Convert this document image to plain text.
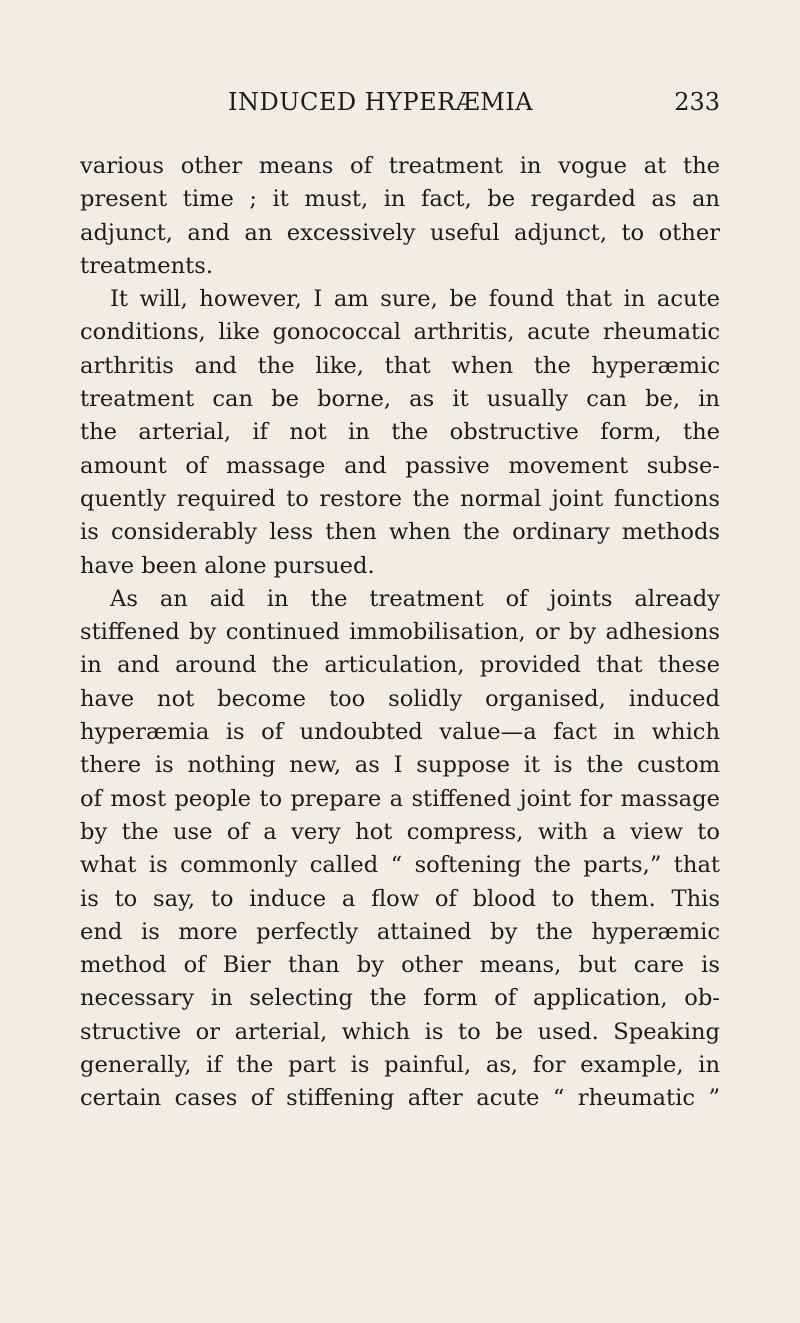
INDUCED HYPERÆMIA	233
various other means of treatment in vogue at the
present time ; it must, in fact, be regarded as an
adjunct, and an excessively useful adjunct, to other
treatments.
It will, however, I am sure, be found that in acute
conditions, like gonococcal arthritis, acute rheumatic
arthritis and the like, that when the hyperæmic
treatment can be borne, as it usually can be, in
the arterial, if not in the obstructive form, the
amount of massage and passive movement subse-
quently required to restore the normal joint functions
is considerably less then when the ordinary methods
have been alone pursued.
As an aid in the treatment of joints already
stiffened by continued immobilisation, or by adhesions
in and around the articulation, provided that these
have not become too solidly organised, induced
hyperæmia is of undoubted value—a fact in which
there is nothing new, as I suppose it is the custom
of most people to prepare a stiffened joint for massage
by the use of a very hot compress, with a view to
what is commonly called “ softening the parts,” that
is to say, to induce a flow of blood to them. This
end is more perfectly attained by the hyperæmic
method of Bier than by other means, but care is
necessary in selecting the form of application, ob-
structive or arterial, which is to be used. Speaking
generally, if the part is painful, as, for example, in
certain cases of stiffening after acute “ rheumatic ”
